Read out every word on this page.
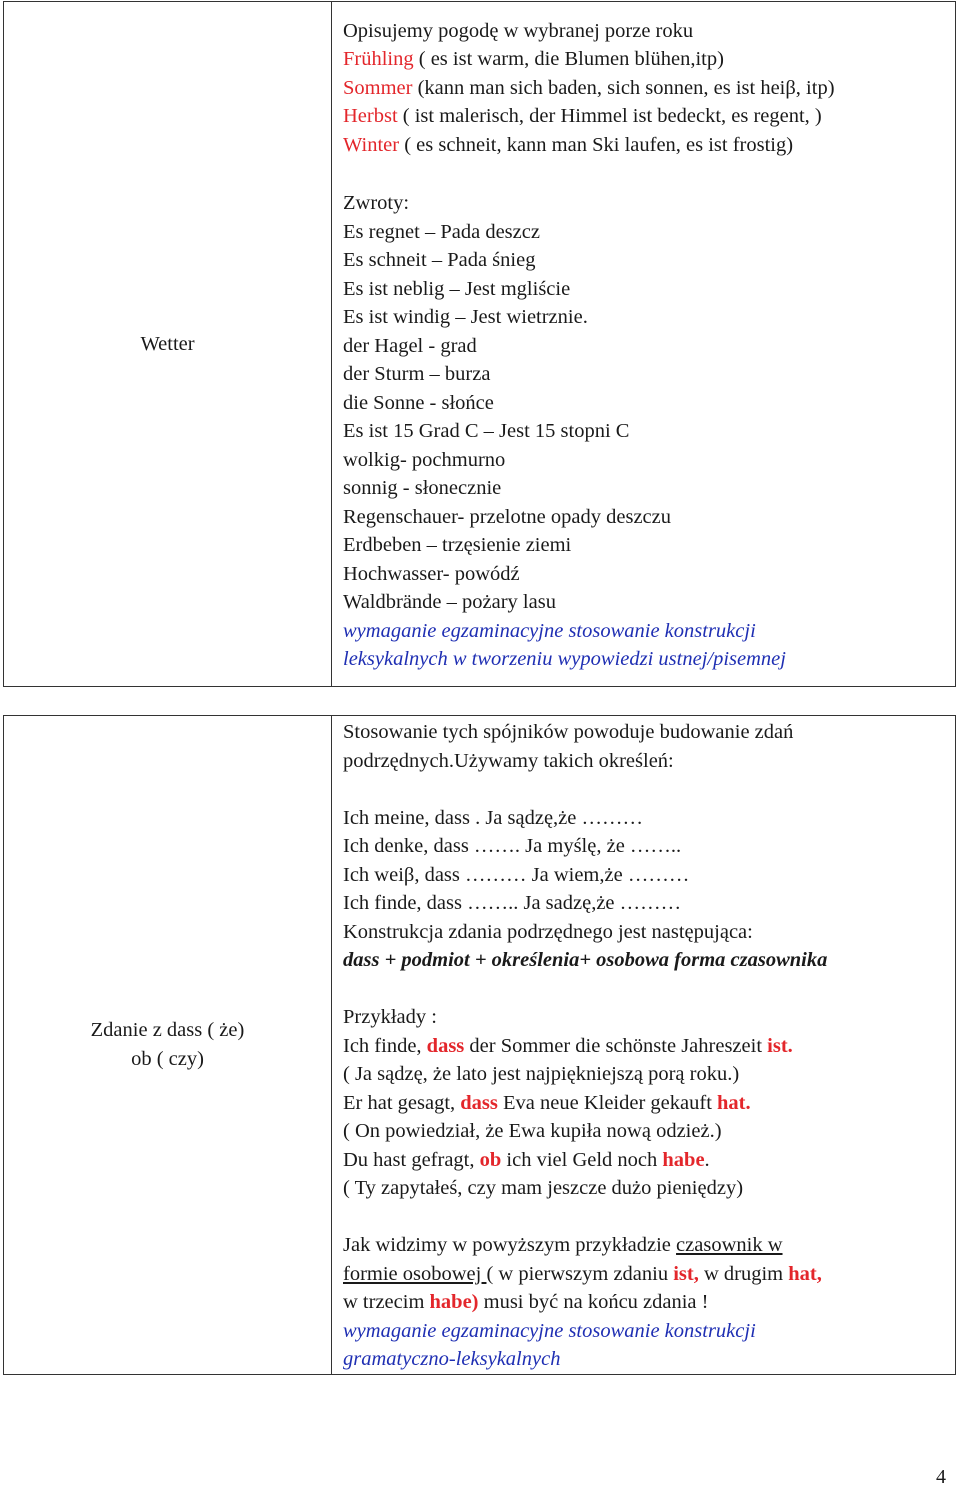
Wetter	
Opisujemy pogodę w wybranej porze roku
Frühling ( es ist warm, die Blumen blühen,itp)
Sommer (kann man sich baden, sich sonnen, es ist heiβ, itp)
Herbst ( ist malerisch, der Himmel ist bedeckt, es regent, )
Winter ( es schneit, kann man Ski laufen, es ist frostig)
Zwroty:
Es regnet – Pada deszcz
Es schneit – Pada śnieg
Es ist neblig – Jest mgliście
Es ist windig – Jest wietrznie.
der Hagel - grad
der Sturm – burza
die Sonne - słońce
Es ist 15 Grad C – Jest 15 stopni C
wolkig- pochmurno
sonnig - słonecznie
Regenschauer- przelotne opady deszczu
Erdbeben – trzęsienie ziemi
Hochwasser- powódź
Waldbrände – pożary lasu
wymaganie egzaminacyjne stosowanie konstrukcji
leksykalnych w tworzeniu wypowiedzi ustnej/pisemnej
Zdanie z dass ( że)
ob ( czy)

Stosowanie tych spójników powoduje budowanie zdań
podrzędnych.Używamy takich określeń:
Ich meine, dass . Ja sądzę,że ………
Ich denke, dass ……. Ja myślę, że ……..
Ich weiβ, dass ……… Ja wiem,że ………
Ich finde, dass …….. Ja sadzę,że ………
Konstrukcja zdania podrzędnego jest następująca:
dass + podmiot + określenia+ osobowa forma czasownika
Przykłady :
Ich finde, dass der Sommer die schönste Jahreszeit ist.
( Ja sądzę, że lato jest najpiękniejszą porą roku.)
Er hat gesagt, dass Eva neue Kleider gekauft hat.
( On powiedział, że Ewa kupiła nową odzież.)
Du hast gefragt, ob ich viel Geld noch habe.
( Ty zapytałeś, czy mam jeszcze dużo pieniędzy)
Jak widzimy w powyższym przykładzie czasownik w
formie osobowej ( w pierwszym zdaniu ist, w drugim hat,
w trzecim habe) musi być na końcu zdania !
wymaganie egzaminacyjne stosowanie konstrukcji
gramatyczno-leksykalnych
4
